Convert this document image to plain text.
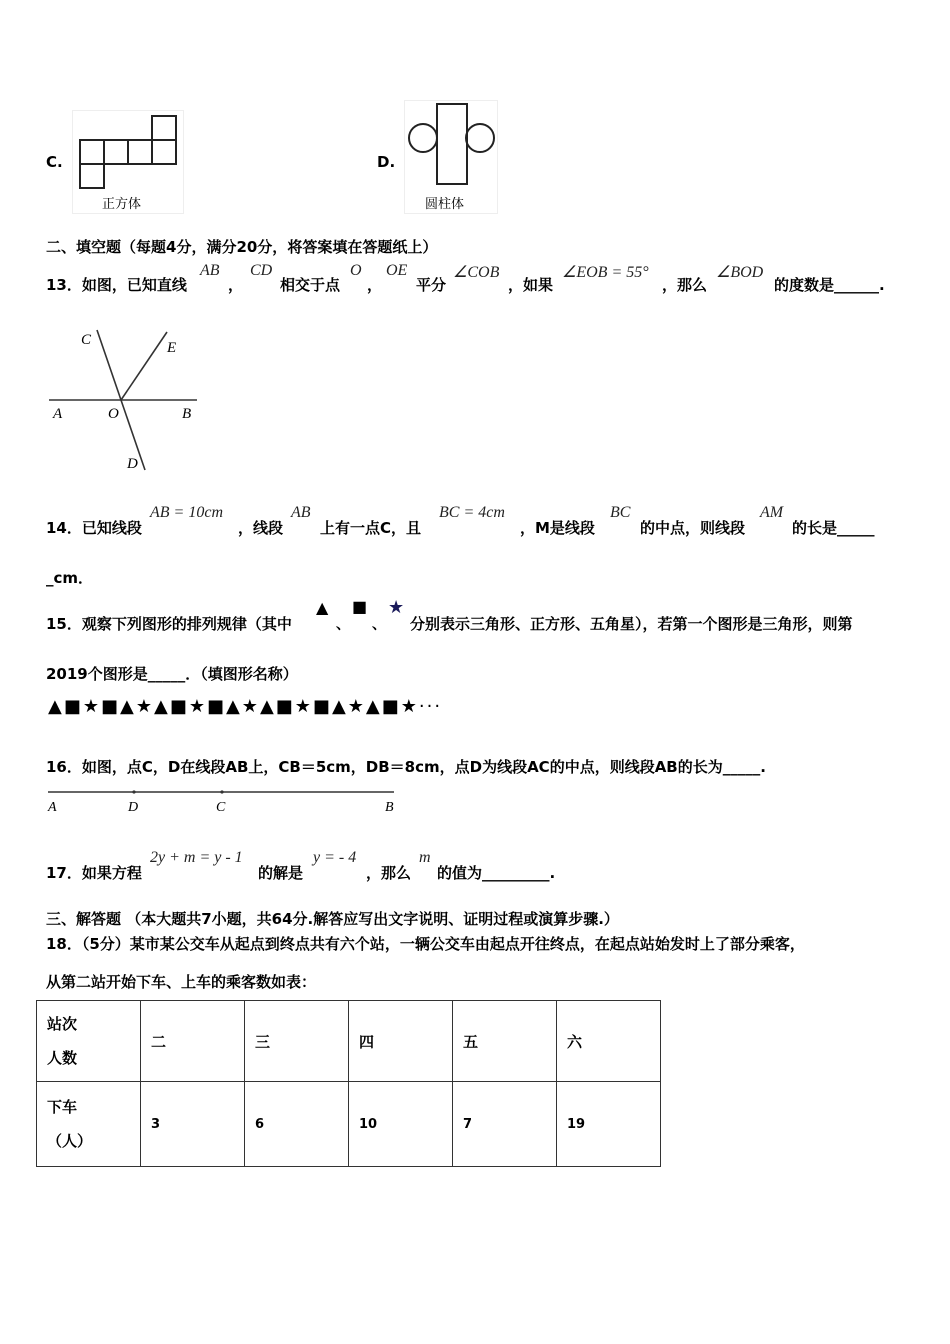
C.
正方体
D.
圆柱体
二、填空题（每题4分，满分20分，将答案填在答题纸上）
13．如图，已知直线
AB
，
CD
相交于点
O
，
OE
平分
∠COB
，如果
∠EOB = 55°
，那么
∠BOD
的度数是______.
C	E
A	O	B
D
14．已知线段
AB = 10cm
，线段
AB
上有一点C，且
BC = 4cm
，M是线段
BC
的中点，则线段
AM
的长是_____
_cm．
15．观察下列图形的排列规律（其中
▲
、
■
、
★
分别表示三角形、正方形、五角星），若第一个图形是三角形，则第
2019个图形是_____．（填图形名称）
▲■★■▲★▲■★■▲★▲■★■▲★▲■★···
16．如图，点C，D在线段AB上，CB＝5cm，DB＝8cm，点D为线段AC的中点，则线段AB的长为_____.
A	D	C	B
17．如果方程
2y + m = y - 1
的解是
y = - 4
，那么
m
的值为_________.
三、解答题 （本大题共7小题，共64分.解答应写出文字说明、证明过程或演算步骤.）
18．（5分）某市某公交车从起点到终点共有六个站，一辆公交车由起点开往终点，在起点站始发时上了部分乘客，
从第二站开始下车、上车的乘客数如表：
站次
人数	二	三	四	五	六

下车
（人）	3	6	10	7	19
